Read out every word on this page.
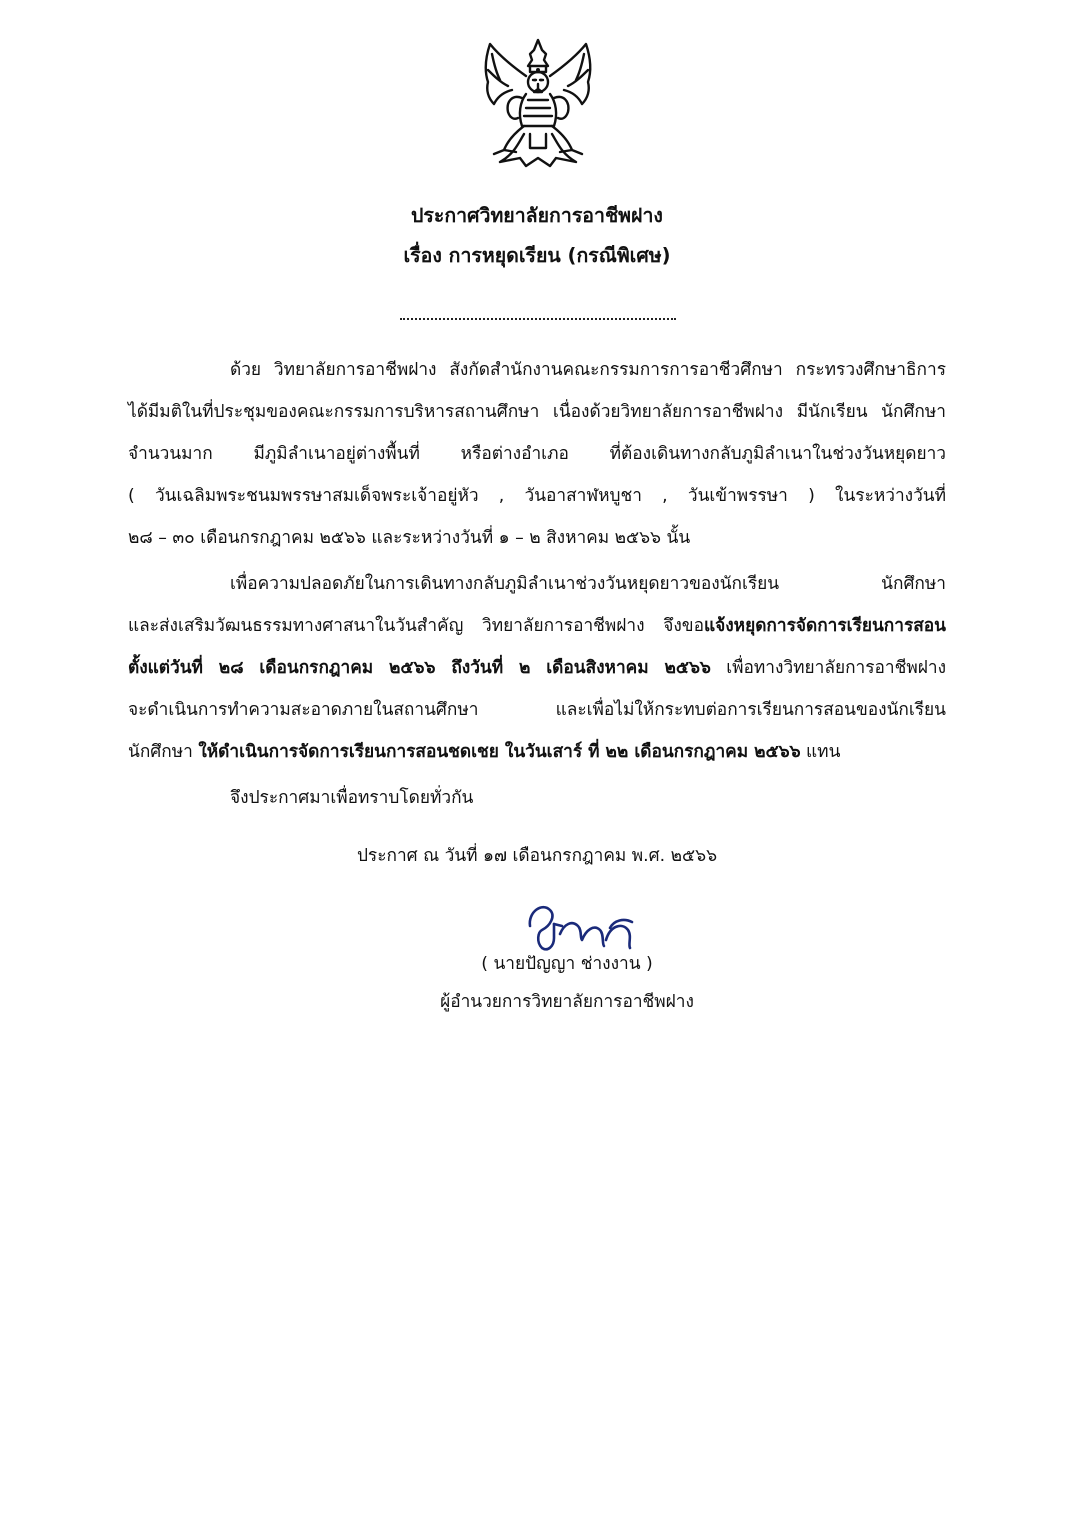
ประกาศวิทยาลัยการอาชีพฝาง
เรื่อง การหยุดเรียน (กรณีพิเศษ)
ด้วย วิทยาลัยการอาชีพฝาง สังกัดสำนักงานคณะกรรมการการอาชีวศึกษา กระทรวงศึกษาธิการ
ได้มีมติในที่ประชุมของคณะกรรมการบริหารสถานศึกษา เนื่องด้วยวิทยาลัยการอาชีพฝาง มีนักเรียน นักศึกษา
จำนวนมาก มีภูมิลำเนาอยู่ต่างพื้นที่ หรือต่างอำเภอ ที่ต้องเดินทางกลับภูมิลำเนาในช่วงวันหยุดยาว
( วันเฉลิมพระชนมพรรษาสมเด็จพระเจ้าอยู่หัว , วันอาสาฬหบูชา , วันเข้าพรรษา ) ในระหว่างวันที่
๒๘ – ๓๐ เดือนกรกฎาคม ๒๕๖๖ และระหว่างวันที่ ๑ – ๒ สิงหาคม ๒๕๖๖ นั้น
เพื่อความปลอดภัยในการเดินทางกลับภูมิลำเนาช่วงวันหยุดยาวของนักเรียน นักศึกษา
และส่งเสริมวัฒนธรรมทางศาสนาในวันสำคัญ วิทยาลัยการอาชีพฝาง จึงขอแจ้งหยุดการจัดการเรียนการสอน
ตั้งแต่วันที่ ๒๘ เดือนกรกฎาคม ๒๕๖๖ ถึงวันที่ ๒ เดือนสิงหาคม ๒๕๖๖ เพื่อทางวิทยาลัยการอาชีพฝาง
จะดำเนินการทำความสะอาดภายในสถานศึกษา และเพื่อไม่ให้กระทบต่อการเรียนการสอนของนักเรียน
นักศึกษา ให้ดำเนินการจัดการเรียนการสอนชดเชย ในวันเสาร์ ที่ ๒๒ เดือนกรกฎาคม ๒๕๖๖ แทน
จึงประกาศมาเพื่อทราบโดยทั่วกัน
ประกาศ ณ วันที่ ๑๗ เดือนกรกฎาคม พ.ศ. ๒๕๖๖
( นายปัญญา ช่างงาน )
ผู้อำนวยการวิทยาลัยการอาชีพฝาง
